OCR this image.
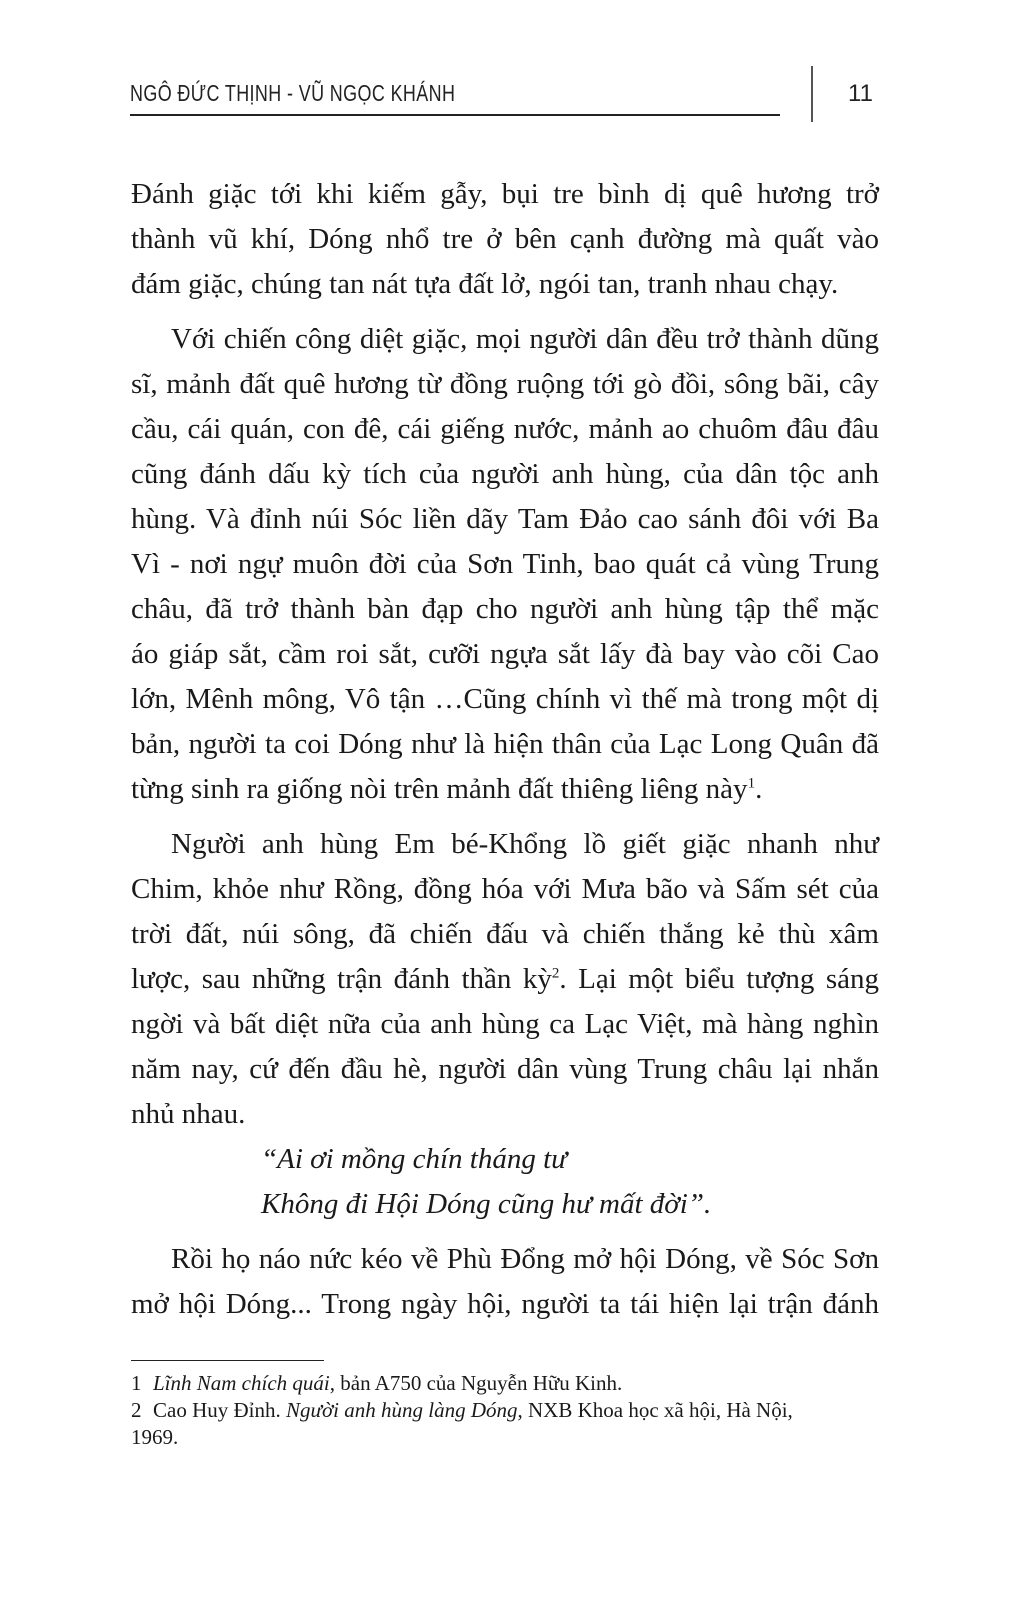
NGÔ ĐỨC THỊNH - VŨ NGỌC KHÁNH	11
Đánh giặc tới khi kiếm gẫy, bụi tre bình dị quê hương trở
thành vũ khí, Dóng nhổ tre ở bên cạnh đường mà quất vào
đám giặc, chúng tan nát tựa đất lở, ngói tan, tranh nhau chạy.
Với chiến công diệt giặc, mọi người dân đều trở thành dũng
sĩ, mảnh đất quê hương từ đồng ruộng tới gò đồi, sông bãi, cây
cầu, cái quán, con đê, cái giếng nước, mảnh ao chuôm đâu đâu
cũng đánh dấu kỳ tích của người anh hùng, của dân tộc anh
hùng. Và đỉnh núi Sóc liền dãy Tam Đảo cao sánh đôi với Ba
Vì - nơi ngự muôn đời của Sơn Tinh, bao quát cả vùng Trung
châu, đã trở thành bàn đạp cho người anh hùng tập thể mặc
áo giáp sắt, cầm roi sắt, cưỡi ngựa sắt lấy đà bay vào cõi Cao
lớn, Mênh mông, Vô tận …Cũng chính vì thế mà trong một dị
bản, người ta coi Dóng như là hiện thân của Lạc Long Quân đã
từng sinh ra giống nòi trên mảnh đất thiêng liêng này$^1$.
Người anh hùng Em bé-Khổng lồ giết giặc nhanh như
Chim, khỏe như Rồng, đồng hóa với Mưa bão và Sấm sét của
trời đất, núi sông, đã chiến đấu và chiến thắng kẻ thù xâm
lược, sau những trận đánh thần kỳ$^2$. Lại một biểu tượng sáng
ngời và bất diệt nữa của anh hùng ca Lạc Việt, mà hàng nghìn
năm nay, cứ đến đầu hè, người dân vùng Trung châu lại nhắn
nhủ nhau.
“Ai ơi mồng chín tháng tư
Không đi Hội Dóng cũng hư mất đời”.
Rồi họ náo nức kéo về Phù Đổng mở hội Dóng, về Sóc Sơn
mở hội Dóng... Trong ngày hội, người ta tái hiện lại trận đánh
1 Lĩnh Nam chích quái, bản A750 của Nguyễn Hữu Kinh.
2 Cao Huy Đỉnh. Người anh hùng làng Dóng, NXB Khoa học xã hội, Hà Nội,
1969.
